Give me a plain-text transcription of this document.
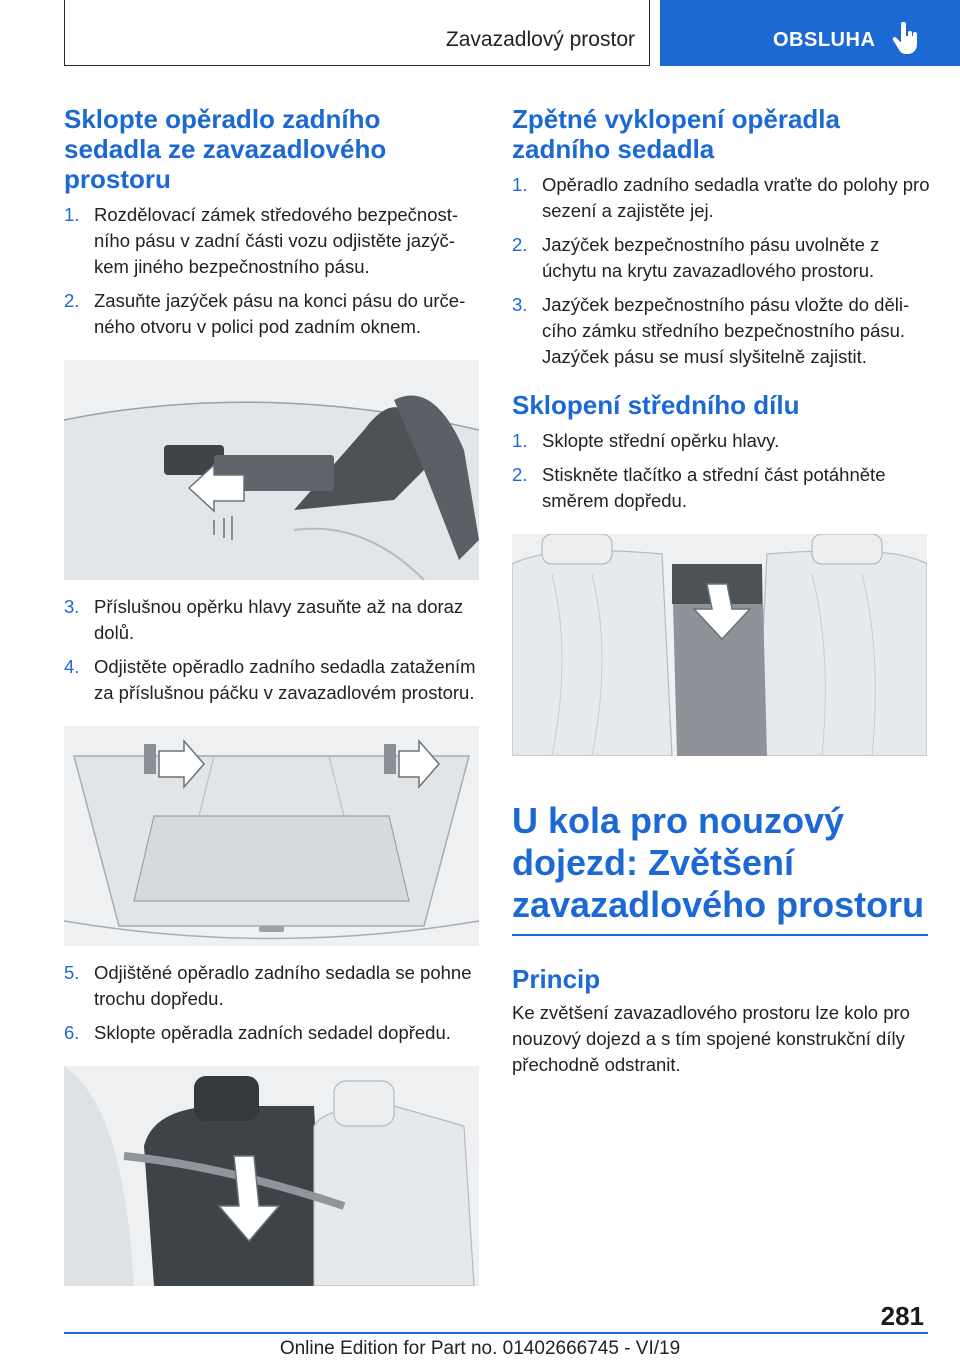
Zavazadlový prostor	OBSLUHA
Sklopte opěradlo zadního sedadla ze zavazadlového prostoru
1. Rozdělovací zámek středového bezpečnostního pásu v zadní části vozu odjistěte jazýčkem jiného bezpečnostního pásu.
2. Zasuňte jazýček pásu na konci pásu do určeného otvoru v polici pod zadním oknem.
3. Příslušnou opěrku hlavy zasuňte až na doraz dolů.
4. Odjistěte opěradlo zadního sedadla zatažením za příslušnou páčku v zavazadlovém prostoru.
5. Odjištěné opěradlo zadního sedadla se pohne trochu dopředu.
6. Sklopte opěradla zadních sedadel dopředu.
Zpětné vyklopení opěradla zadního sedadla
1. Opěradlo zadního sedadla vraťte do polohy pro sezení a zajistěte jej.
2. Jazýček bezpečnostního pásu uvolněte z úchytu na krytu zavazadlového prostoru.
3. Jazýček bezpečnostního pásu vložte do dělicího zámku středního bezpečnostního pásu. Jazýček pásu se musí slyšitelně zajistit.
Sklopení středního dílu
1. Sklopte střední opěrku hlavy.
2. Stiskněte tlačítko a střední část potáhněte směrem dopředu.
U kola pro nouzový dojezd: Zvětšení zavazadlového prostoru
Princip

Ke zvětšení zavazadlového prostoru lze kolo pro nouzový dojezd a s tím spojené konstrukční díly přechodně odstranit.

281
Online Edition for Part no. 01402666745 - VI/19
